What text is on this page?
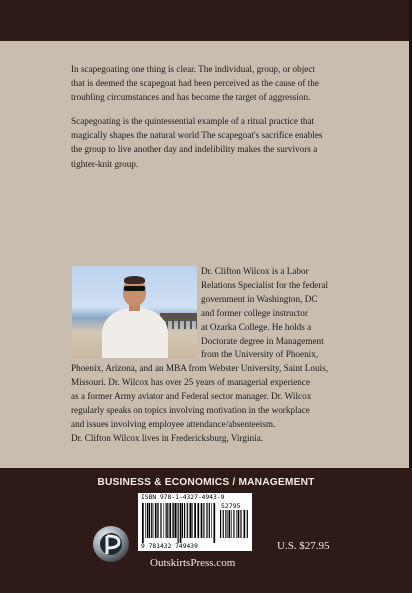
In scapegoating one thing is clear. The individual, group, or object
that is deemed the scapegoat had been perceived as the cause of the
troubling circumstances and has become the target of aggression.

Scapegoating is the quintessential example of a ritual practice that
magically shapes the natural world The scapegoat's sacrifice enables
the group to live another day and indelibility makes the survivors a
tighter-knit group.

Dr. Clifton Wilcox is a Labor
Relations Specialist for the federal
government in Washington, DC
and former college instructor
at Ozarka College. He holds a
Doctorate degree in Management
from the University of Phoenix,
Phoenix, Arizona, and an MBA from Webster University, Saint Louis,
Missouri. Dr. Wilcox has over 25 years of managerial experience
as a former Army aviator and Federal sector manager. Dr. Wilcox
regularly speaks on topics involving motivation in the workplace
and issues involving employee attendance/absenteeism.
Dr. Clifton Wilcox lives in Fredericksburg, Virginia.
BUSINESS & ECONOMICS / MANAGEMENT
ISBN 978-1-4327-4943-9
52795
9 781432 749439
OutskirtsPress.com
U.S. $27.95
